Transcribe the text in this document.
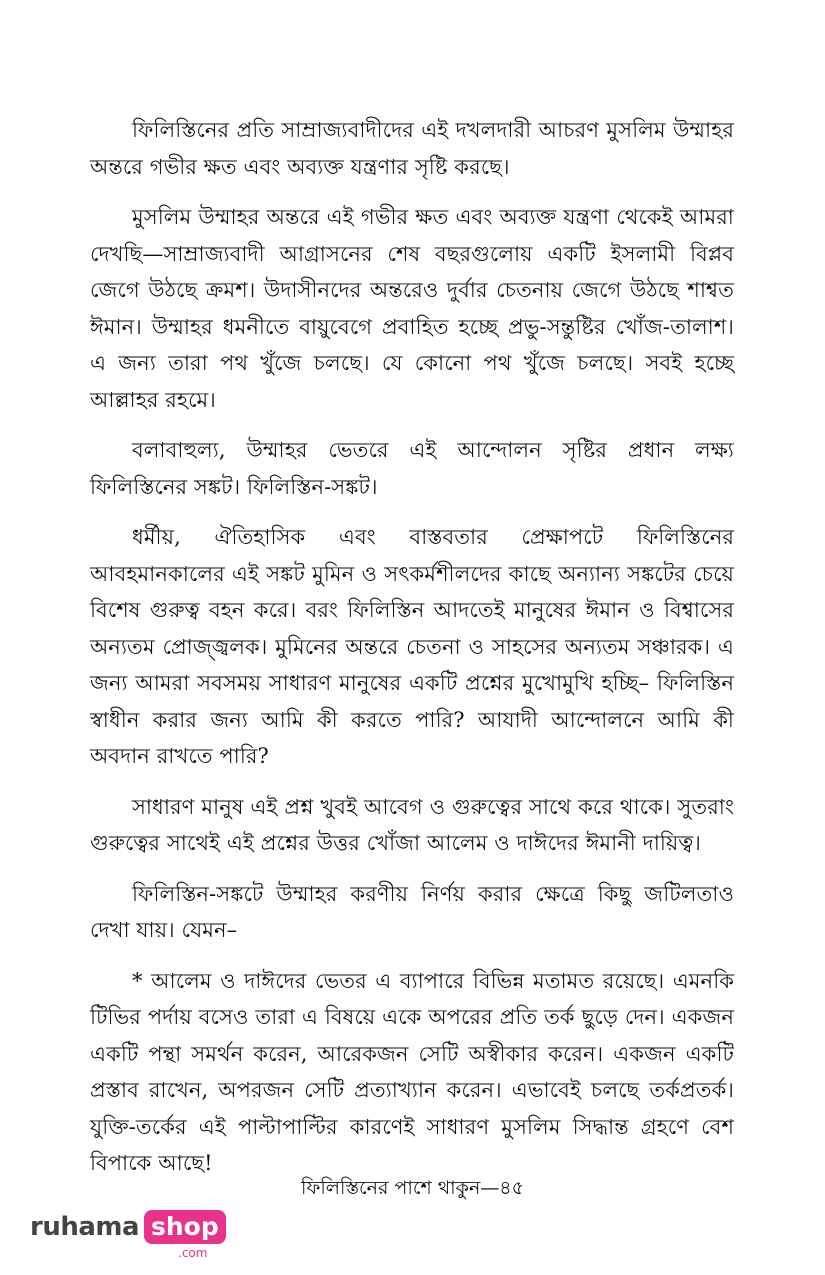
ফিলিস্তিনের প্রতি সাম্রাজ্যবাদীদের এই দখলদারী আচরণ মুসলিম উম্মাহর অন্তরে গভীর ক্ষত এবং অব্যক্ত যন্ত্রণার সৃষ্টি করছে।

মুসলিম উম্মাহর অন্তরে এই গভীর ক্ষত এবং অব্যক্ত যন্ত্রণা থেকেই আমরা দেখছি—সাম্রাজ্যবাদী আগ্রাসনের শেষ বছরগুলোয় একটি ইসলামী বিপ্লব জেগে উঠছে ক্রমশ। উদাসীনদের অন্তরেও দুর্বার চেতনায় জেগে উঠছে শাশ্বত ঈমান। উম্মাহর ধমনীতে বায়ুবেগে প্রবাহিত হচ্ছে প্রভু-সন্তুষ্টির খোঁজ-তালাশ। এ জন্য তারা পথ খুঁজে চলছে। যে কোনো পথ খুঁজে চলছে। সবই হচ্ছে আল্লাহর রহমে।

বলাবাহুল্য, উম্মাহর ভেতরে এই আন্দোলন সৃষ্টির প্রধান লক্ষ্য ফিলিস্তিনের সঙ্কট। ফিলিস্তিন-সঙ্কট।

ধর্মীয়, ঐতিহাসিক এবং বাস্তবতার প্রেক্ষাপটে ফিলিস্তিনের আবহমানকালের এই সঙ্কট মুমিন ও সৎকর্মশীলদের কাছে অন্যান্য সঙ্কটের চেয়ে বিশেষ গুরুত্ব বহন করে। বরং ফিলিস্তিন আদতেই মানুষের ঈমান ও বিশ্বাসের অন্যতম প্রোজ্জ্বলক। মুমিনের অন্তরে চেতনা ও সাহসের অন্যতম সঞ্চারক। এ জন্য আমরা সবসময় সাধারণ মানুষের একটি প্রশ্নের মুখোমুখি হচ্ছি– ফিলিস্তিন স্বাধীন করার জন্য আমি কী করতে পারি? আযাদী আন্দোলনে আমি কী অবদান রাখতে পারি?

সাধারণ মানুষ এই প্রশ্ন খুবই আবেগ ও গুরুত্বের সাথে করে থাকে। সুতরাং গুরুত্বের সাথেই এই প্রশ্নের উত্তর খোঁজা আলেম ও দাঈদের ঈমানী দায়িত্ব।

ফিলিস্তিন-সঙ্কটে উম্মাহর করণীয় নির্ণয় করার ক্ষেত্রে কিছু জটিলতাও দেখা যায়। যেমন–

* আলেম ও দাঈদের ভেতর এ ব্যাপারে বিভিন্ন মতামত রয়েছে। এমনকি টিভির পর্দায় বসেও তারা এ বিষয়ে একে অপরের প্রতি তর্ক ছুড়ে দেন। একজন একটি পন্থা সমর্থন করেন, আরেকজন সেটি অস্বীকার করেন। একজন একটি প্রস্তাব রাখেন, অপরজন সেটি প্রত্যাখ্যান করেন। এভাবেই চলছে তর্কপ্রতর্ক। যুক্তি-তর্কের এই পাল্টাপাল্টির কারণেই সাধারণ মুসলিম সিদ্ধান্ত গ্রহণে বেশ বিপাকে আছে!

ফিলিস্তিনের পাশে থাকুন—৪৫
ruhama shop
.com
